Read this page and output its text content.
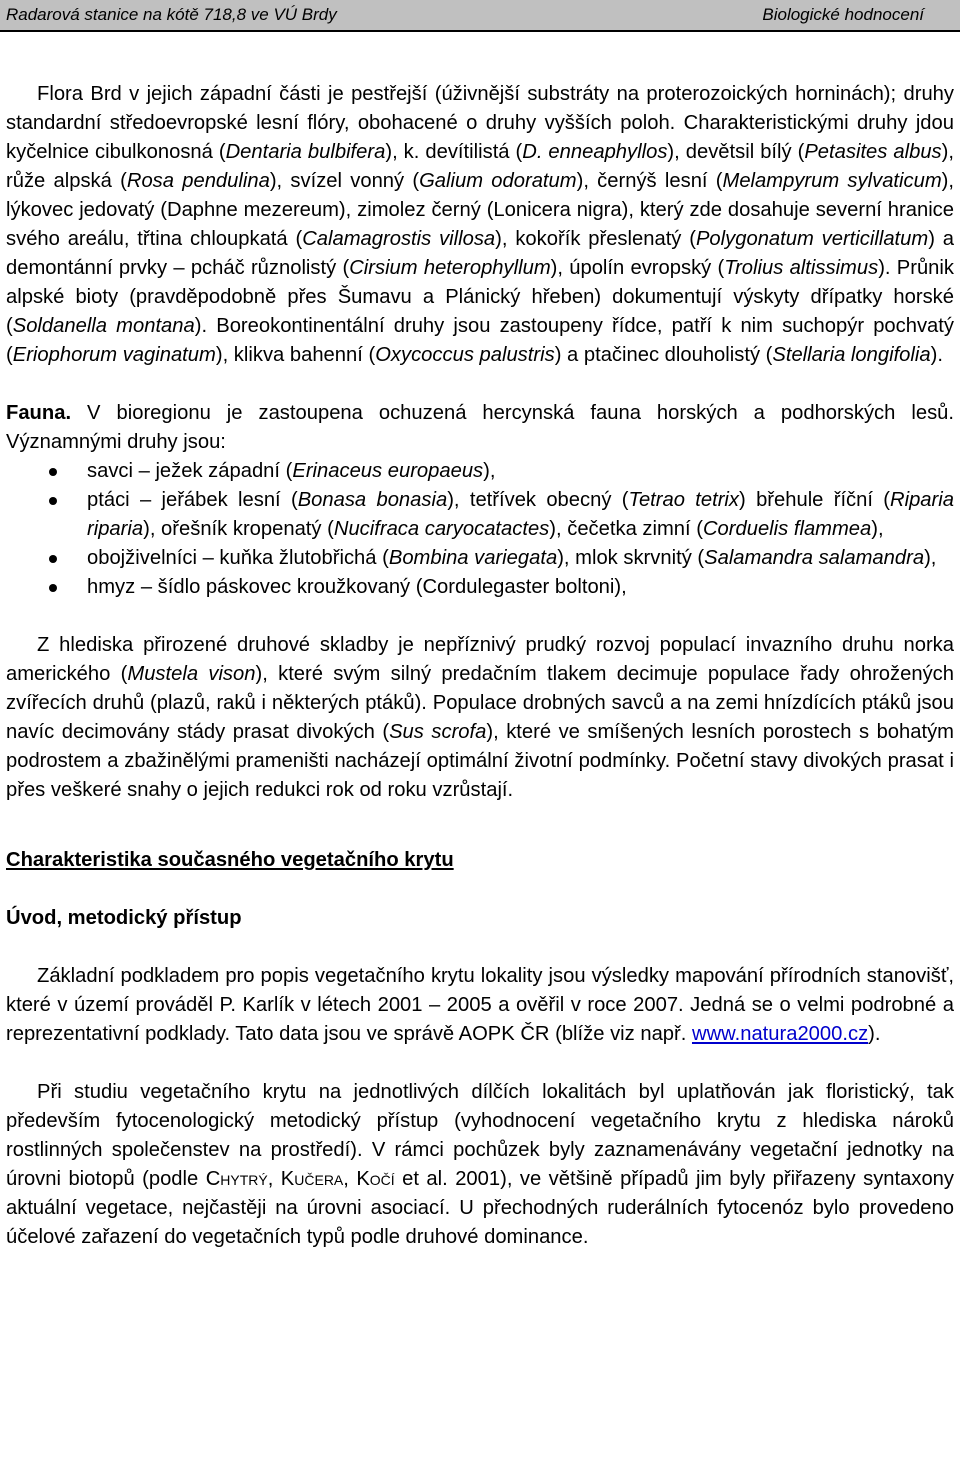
Radarová stanice na kótě 718,8 ve VÚ Brdy	Biologické hodnocení

Flora Brd v jejich západní části je pestřejší (úživnější substráty na proterozoických horninách); druhy standardní středoevropské lesní flóry, obohacené o druhy vyšších poloh. Charakteristickými druhy jdou kyčelnice cibulkonosná (Dentaria bulbifera), k. devítilistá (D. enneaphyllos), devětsil bílý (Petasites albus), růže alpská (Rosa pendulina), svízel vonný (Galium odoratum), černýš lesní (Melampyrum sylvaticum), lýkovec jedovatý (Daphne mezereum), zimolez černý (Lonicera nigra), který zde dosahuje severní hranice svého areálu, třtina chloupkatá (Calamagrostis villosa), kokořík přeslenatý (Polygonatum verticillatum) a demontánní prvky – pcháč různolistý (Cirsium heterophyllum), úpolín evropský (Trolius altissimus). Průnik alpské bioty (pravděpodobně přes Šumavu a Plánický hřeben) dokumentují výskyty dřípatky horské (Soldanella montana). Boreokontinentální druhy jsou zastoupeny řídce, patří k nim suchopýr pochvatý (Eriophorum vaginatum), klikva bahenní (Oxycoccus palustris) a ptačinec dlouholistý (Stellaria longifolia).

Fauna. V bioregionu je zastoupena ochuzená hercynská fauna horských a podhorských lesů. Významnými druhy jsou:

savci – ježek západní (Erinaceus europaeus),
ptáci – jeřábek lesní (Bonasa bonasia), tetřívek obecný (Tetrao tetrix) břehule říční (Riparia riparia), ořešník kropenatý (Nucifraca caryocatactes), čečetka zimní (Corduelis flammea),
obojživelníci – kuňka žlutobřichá (Bombina variegata), mlok skrvnitý (Salamandra salamandra),
hmyz – šídlo páskovec kroužkovaný (Cordulegaster boltoni),

Z hlediska přirozené druhové skladby je nepříznivý prudký rozvoj populací invazního druhu norka amerického (Mustela vison), které svým silný predačním tlakem decimuje populace řady ohrožených zvířecích druhů (plazů, raků i některých ptáků). Populace drobných savců a na zemi hnízdících ptáků jsou navíc decimovány stády prasat divokých (Sus scrofa), které ve smíšených lesních porostech s bohatým podrostem a zbažinělými prameništi nacházejí optimální životní podmínky. Početní stavy divokých prasat i přes veškeré snahy o jejich redukci rok od roku vzrůstají.

Charakteristika současného vegetačního krytu

Úvod, metodický přístup

Základní podkladem pro popis vegetačního krytu lokality jsou výsledky mapování přírodních stanovišť, které v území prováděl P. Karlík v létech 2001 – 2005 a ověřil v roce 2007. Jedná se o velmi podrobné a reprezentativní podklady. Tato data jsou ve správě AOPK ČR (blíže viz např. www.natura2000.cz).

Při studiu vegetačního krytu na jednotlivých dílčích lokalitách byl uplatňován jak floristický, tak především fytocenologický metodický přístup (vyhodnocení vegetačního krytu z hlediska nároků rostlinných společenstev na prostředí). V rámci pochůzek byly zaznamenávány vegetační jednotky na úrovni biotopů (podle Chytrý, Kučera, Kočí et al. 2001), ve většině případů jim byly přiřazeny syntaxony aktuální vegetace, nejčastěji na úrovni asociací. U přechodných ruderálních fytocenóz bylo provedeno účelové zařazení do vegetačních typů podle druhové dominance.
